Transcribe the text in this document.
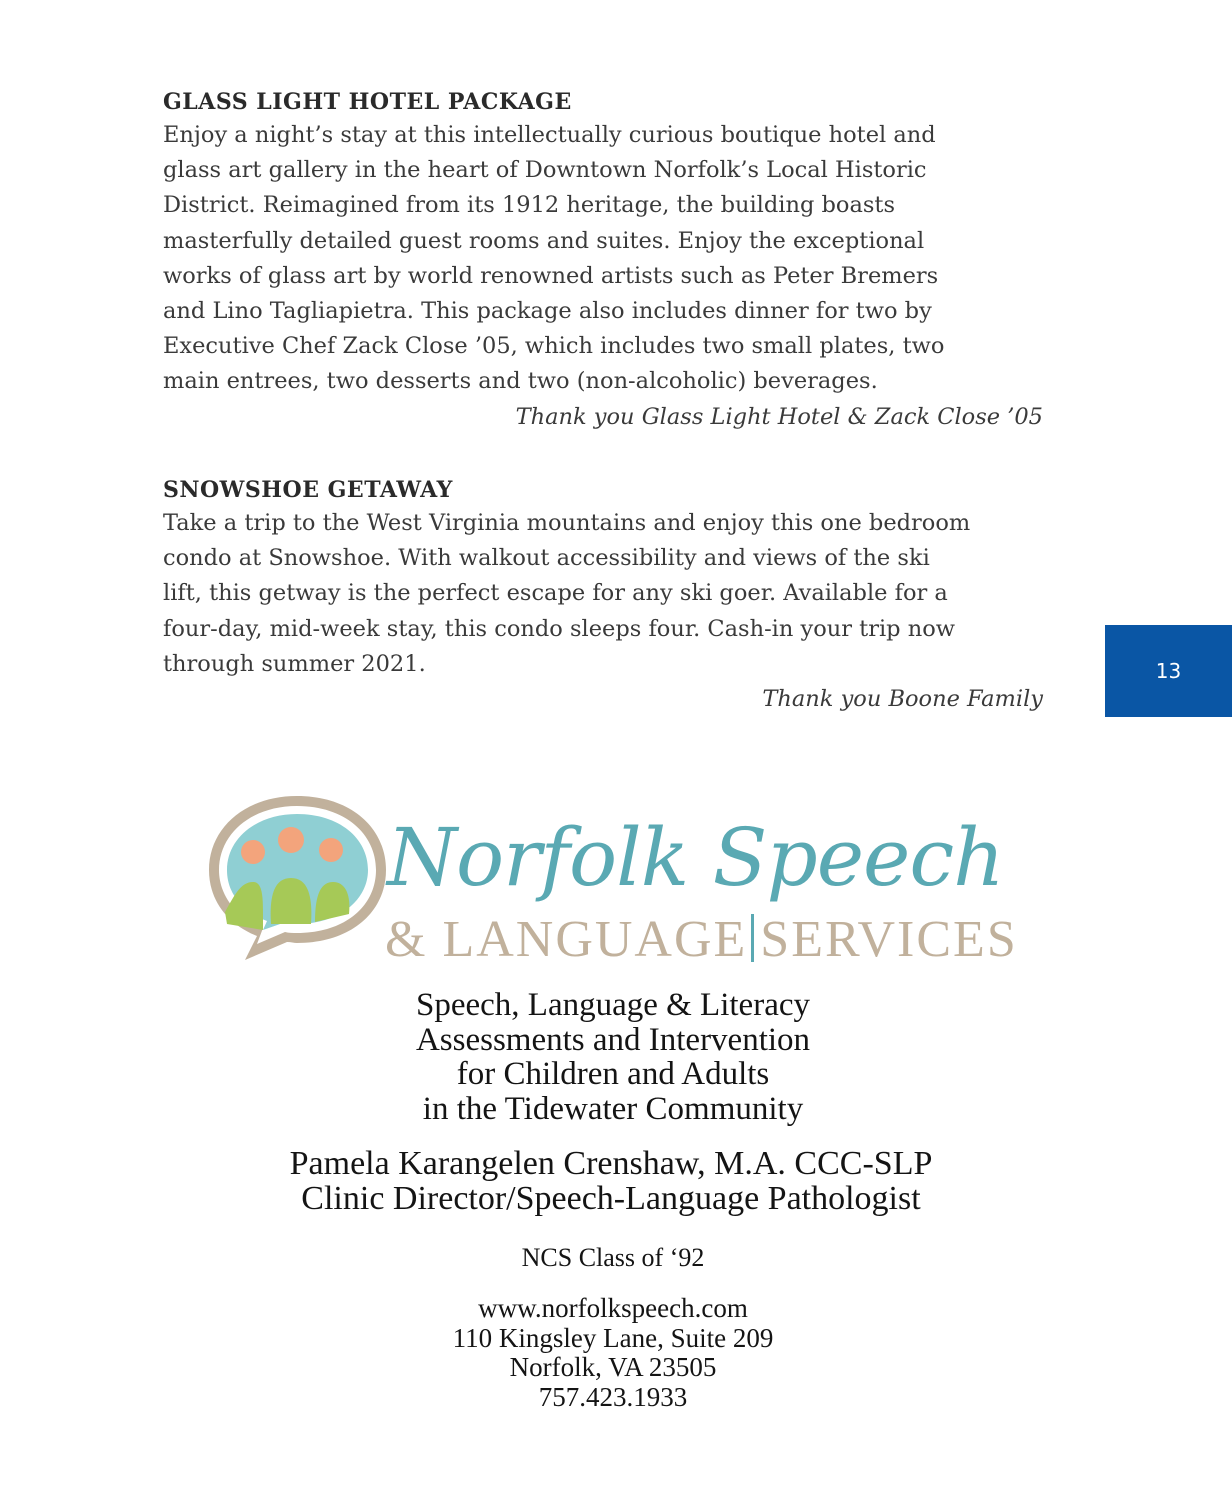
GLASS LIGHT HOTEL PACKAGE

Enjoy a night’s stay at this intellectually curious boutique hotel and
glass art gallery in the heart of Downtown Norfolk’s Local Historic
District. Reimagined from its 1912 heritage, the building boasts
masterfully detailed guest rooms and suites. Enjoy the exceptional
works of glass art by world renowned artists such as Peter Bremers
and Lino Tagliapietra. This package also includes dinner for two by
Executive Chef Zack Close ’05, which includes two small plates, two
main entrees, two desserts and two (non-alcoholic) beverages.

Thank you Glass Light Hotel & Zack Close ’05

SNOWSHOE GETAWAY

Take a trip to the West Virginia mountains and enjoy this one bedroom
condo at Snowshoe. With walkout accessibility and views of the ski
lift, this getway is the perfect escape for any ski goer. Available for a
four-day, mid-week stay, this condo sleeps four. Cash-in your trip now
through summer 2021.

Thank you Boone Family

13
Norfolk Speech
& LANGUAGE SERVICES
Speech, Language & Literacy
Assessments and Intervention
for Children and Adults
in the Tidewater Community
Pamela Karangelen Crenshaw, M.A. CCC-SLP
Clinic Director/Speech-Language Pathologist
NCS Class of ‘92
www.norfolkspeech.com
110 Kingsley Lane, Suite 209
Norfolk, VA 23505
757.423.1933
